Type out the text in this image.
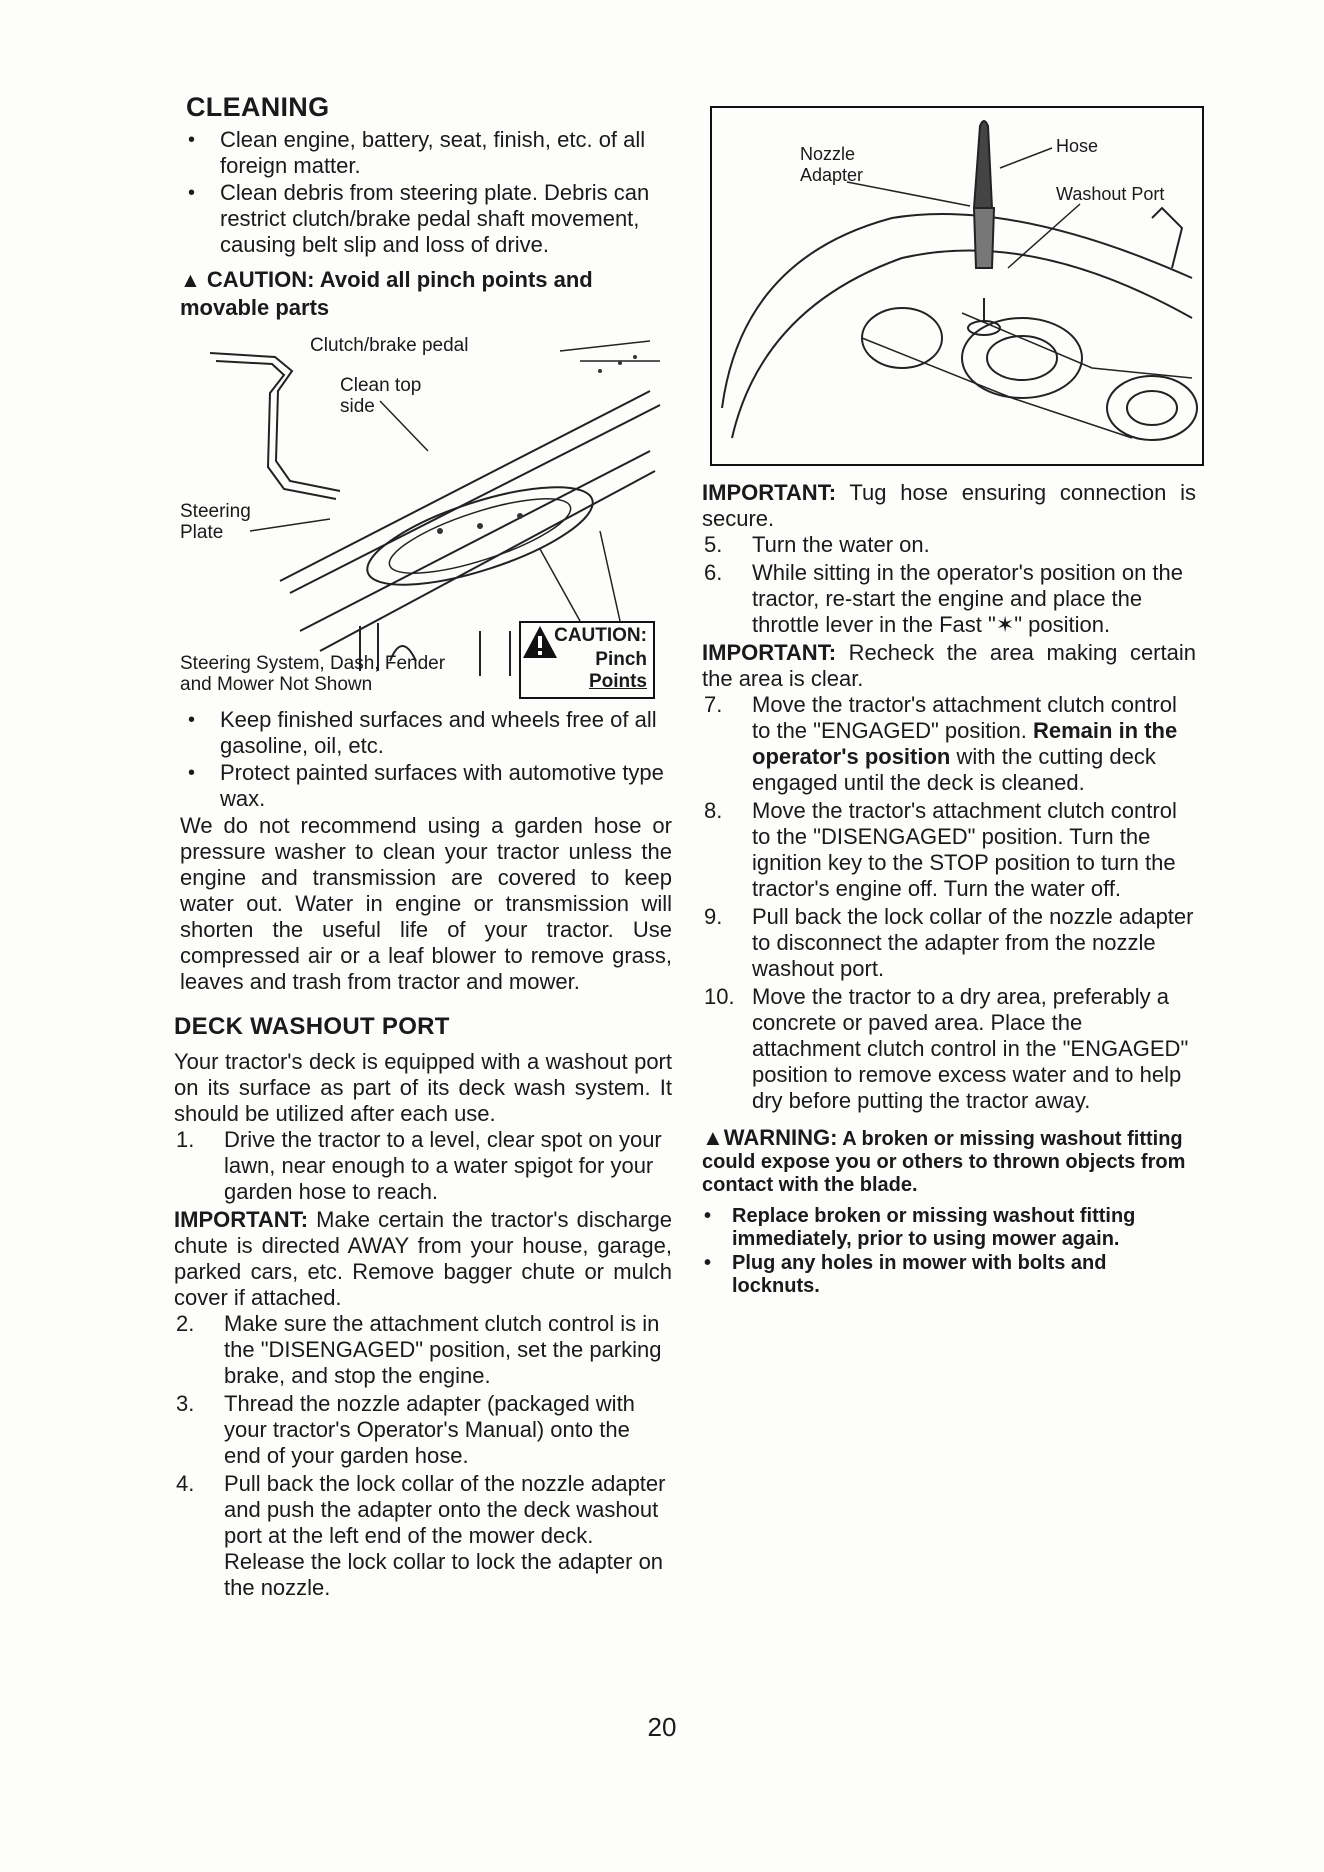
CLEANING
• Clean engine, battery, seat, finish, etc. of all foreign matter.
• Clean debris from steering plate. Debris can restrict clutch/brake pedal shaft movement, causing belt slip and loss of drive.
▲ CAUTION: Avoid all pinch points and movable parts
Clutch/brake pedal
Clean top side
Steering Plate
Steering System, Dash, Fender and Mower Not Shown
CAUTION:
Pinch
Points
• Keep finished surfaces and wheels free of all gasoline, oil, etc.
• Protect painted surfaces with automotive type wax.

We do not recommend using a garden hose or pressure washer to clean your tractor unless the engine and transmission are covered to keep water out. Water in engine or transmission will shorten the useful life of your tractor. Use compressed air or a leaf blower to remove grass, leaves and trash from tractor and mower.

DECK WASHOUT PORT

Your tractor's deck is equipped with a washout port on its surface as part of its deck wash system. It should be utilized after each use.

1. Drive the tractor to a level, clear spot on your lawn, near enough to a water spigot for your garden hose to reach.

IMPORTANT: Make certain the tractor's discharge chute is directed AWAY from your house, garage, parked cars, etc. Remove bagger chute or mulch cover if attached.

2. Make sure the attachment clutch control is in the "DISENGAGED" position, set the parking brake, and stop the engine.
3. Thread the nozzle adapter (packaged with your tractor's Operator's Manual) onto the end of your garden hose.
4. Pull back the lock collar of the nozzle adapter and push the adapter onto the deck washout port at the left end of the mower deck. Release the lock collar to lock the adapter on the nozzle.
Nozzle Adapter
Hose
Washout Port

IMPORTANT: Tug hose ensuring connection is secure.

5. Turn the water on.
6. While sitting in the operator's position on the tractor, re-start the engine and place the throttle lever in the Fast "✶" position.

IMPORTANT: Recheck the area making certain the area is clear.

7. Move the tractor's attachment clutch control to the "ENGAGED" position. Remain in the operator's position with the cutting deck engaged until the deck is cleaned.
8. Move the tractor's attachment clutch control to the "DISENGAGED" position. Turn the ignition key to the STOP position to turn the tractor's engine off. Turn the water off.
9. Pull back the lock collar of the nozzle adapter to disconnect the adapter from the nozzle washout port.
10. Move the tractor to a dry area, preferably a concrete or paved area. Place the attachment clutch control in the "ENGAGED" position to remove excess water and to help dry before putting the tractor away.
▲WARNING: A broken or missing washout fitting could expose you or others to thrown objects from contact with the blade.
• Replace broken or missing washout fitting immediately, prior to using mower again.
• Plug any holes in mower with bolts and locknuts.
20
